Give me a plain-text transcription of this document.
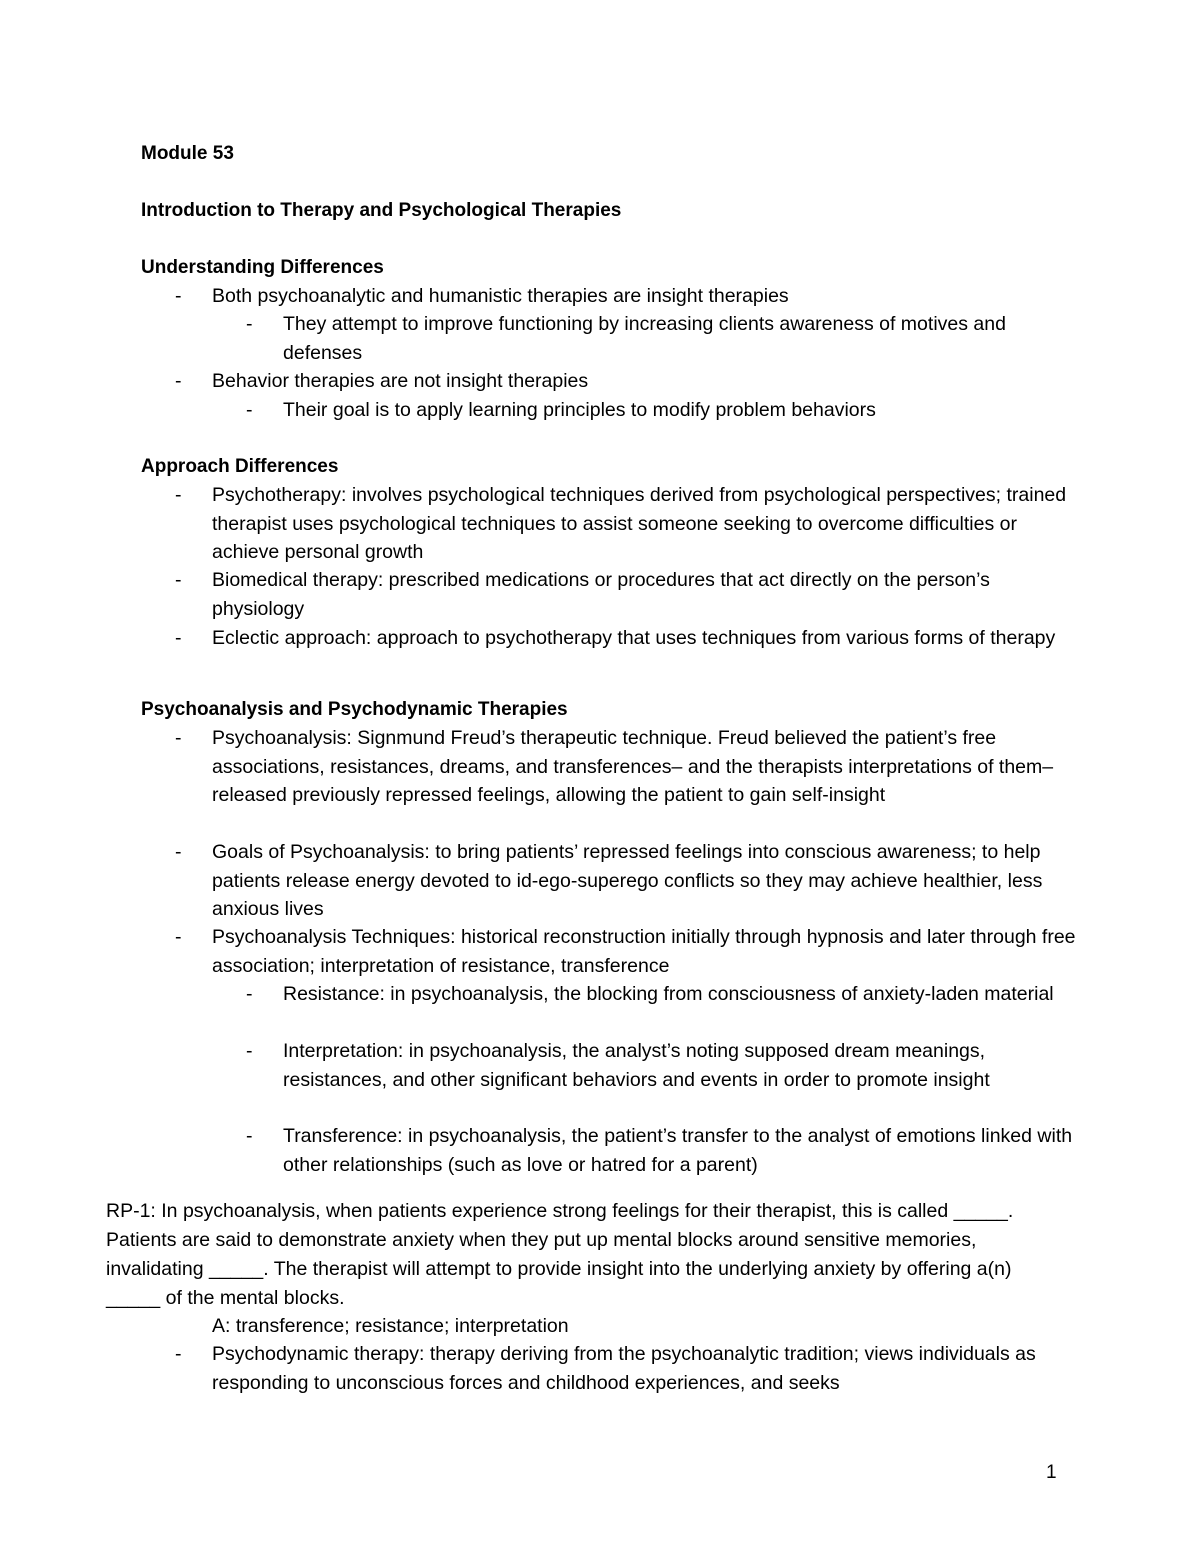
Module 53
Introduction to Therapy and Psychological Therapies
Understanding Differences
- Both psychoanalytic and humanistic therapies are insight therapies
- They attempt to improve functioning by increasing clients awareness of motives and defenses
- Behavior therapies are not insight therapies
- Their goal is to apply learning principles to modify problem behaviors
Approach Differences
- Psychotherapy: involves psychological techniques derived from psychological perspectives; trained therapist uses psychological techniques to assist someone seeking to overcome difficulties or achieve personal growth
- Biomedical therapy: prescribed medications or procedures that act directly on the person’s physiology
- Eclectic approach: approach to psychotherapy that uses techniques from various forms of therapy
Psychoanalysis and Psychodynamic Therapies
- Psychoanalysis: Signmund Freud’s therapeutic technique. Freud believed the patient’s free associations, resistances, dreams, and transferences– and the therapists interpretations of them– released previously repressed feelings, allowing the patient to gain self-insight
- Goals of Psychoanalysis: to bring patients’ repressed feelings into conscious awareness; to help patients release energy devoted to id-ego-superego conflicts so they may achieve healthier, less anxious lives
- Psychoanalysis Techniques: historical reconstruction initially through hypnosis and later through free association; interpretation of resistance, transference
- Resistance: in psychoanalysis, the blocking from consciousness of anxiety-laden material
- Interpretation: in psychoanalysis, the analyst’s noting supposed dream meanings, resistances, and other significant behaviors and events in order to promote insight
- Transference: in psychoanalysis, the patient’s transfer to the analyst of emotions linked with other relationships (such as love or hatred for a parent)

RP-1: In psychoanalysis, when patients experience strong feelings for their therapist, this is called _____. Patients are said to demonstrate anxiety when they put up mental blocks around sensitive memories, invalidating _____. The therapist will attempt to provide insight into the underlying anxiety by offering a(n) _____ of the mental blocks.

A: transference; resistance; interpretation

- Psychodynamic therapy: therapy deriving from the psychoanalytic tradition; views individuals as responding to unconscious forces and childhood experiences, and seeks
1
